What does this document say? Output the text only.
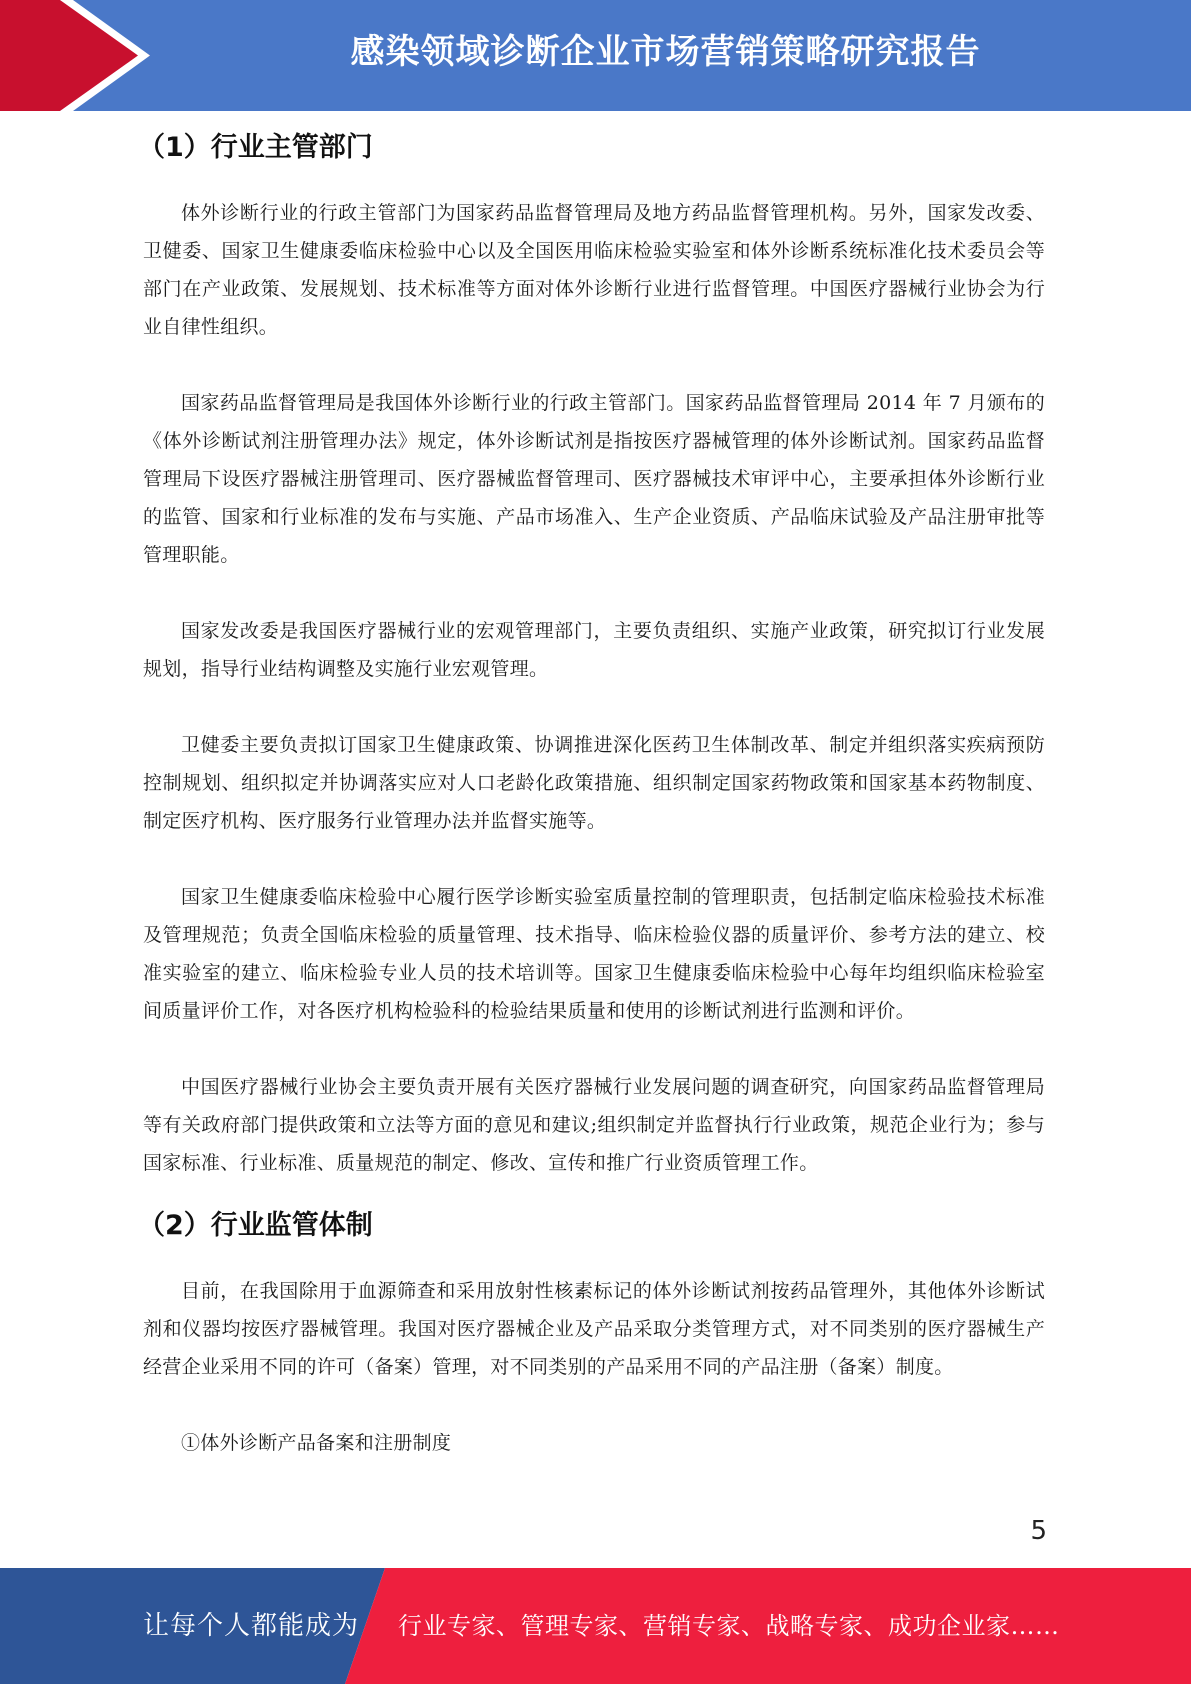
感染领域诊断企业市场营销策略研究报告
（1）行业主管部门

体外诊断行业的行政主管部门为国家药品监督管理局及地方药品监督管理机构。另外，国家发改委、卫健委、国家卫生健康委临床检验中心以及全国医用临床检验实验室和体外诊断系统标准化技术委员会等部门在产业政策、发展规划、技术标准等方面对体外诊断行业进行监督管理。中国医疗器械行业协会为行业自律性组织。

国家药品监督管理局是我国体外诊断行业的行政主管部门。国家药品监督管理局 2014 年 7 月颁布的《体外诊断试剂注册管理办法》规定，体外诊断试剂是指按医疗器械管理的体外诊断试剂。国家药品监督管理局下设医疗器械注册管理司、医疗器械监督管理司、医疗器械技术审评中心，主要承担体外诊断行业的监管、国家和行业标准的发布与实施、产品市场准入、生产企业资质、产品临床试验及产品注册审批等管理职能。

国家发改委是我国医疗器械行业的宏观管理部门，主要负责组织、实施产业政策，研究拟订行业发展规划，指导行业结构调整及实施行业宏观管理。

卫健委主要负责拟订国家卫生健康政策、协调推进深化医药卫生体制改革、制定并组织落实疾病预防控制规划、组织拟定并协调落实应对人口老龄化政策措施、组织制定国家药物政策和国家基本药物制度、制定医疗机构、医疗服务行业管理办法并监督实施等。

国家卫生健康委临床检验中心履行医学诊断实验室质量控制的管理职责，包括制定临床检验技术标准及管理规范；负责全国临床检验的质量管理、技术指导、临床检验仪器的质量评价、参考方法的建立、校准实验室的建立、临床检验专业人员的技术培训等。国家卫生健康委临床检验中心每年均组织临床检验室间质量评价工作，对各医疗机构检验科的检验结果质量和使用的诊断试剂进行监测和评价。

中国医疗器械行业协会主要负责开展有关医疗器械行业发展问题的调查研究，向国家药品监督管理局等有关政府部门提供政策和立法等方面的意见和建议;组织制定并监督执行行业政策，规范企业行为；参与国家标准、行业标准、质量规范的制定、修改、宣传和推广行业资质管理工作。

（2）行业监管体制

目前，在我国除用于血源筛查和采用放射性核素标记的体外诊断试剂按药品管理外，其他体外诊断试剂和仪器均按医疗器械管理。我国对医疗器械企业及产品采取分类管理方式，对不同类别的医疗器械生产经营企业采用不同的许可（备案）管理，对不同类别的产品采用不同的产品注册（备案）制度。

①体外诊断产品备案和注册制度

5
让每个人都能成为 行业专家、管理专家、营销专家、战略专家、成功企业家……
